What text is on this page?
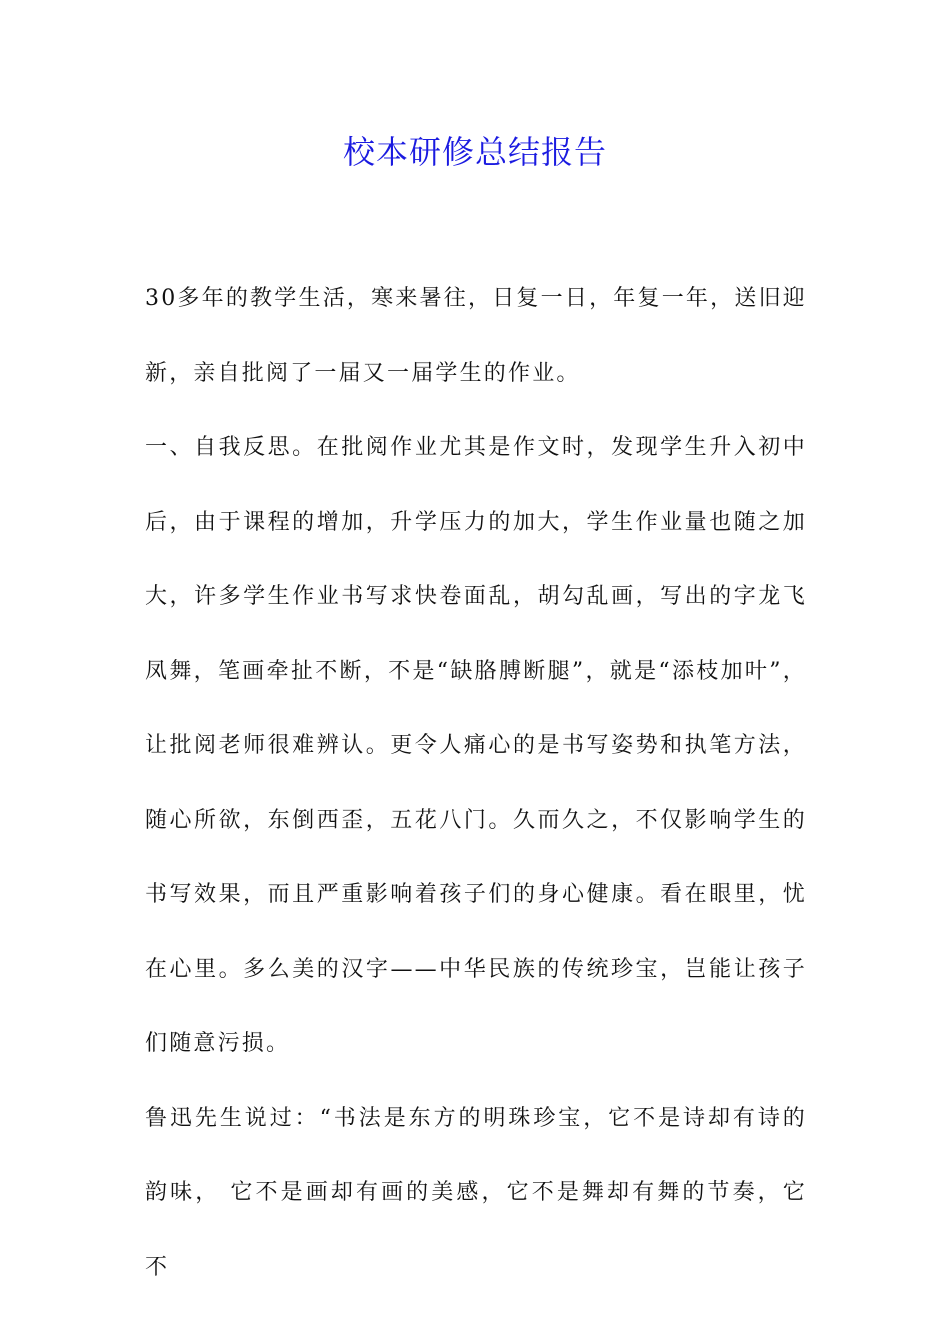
校本研修总结报告

30多年的教学生活，寒来暑往，日复一日，年复一年，送旧迎新，亲自批阅了一届又一届学生的作业。

一、自我反思。在批阅作业尤其是作文时，发现学生升入初中后，由于课程的增加，升学压力的加大，学生作业量也随之加大，许多学生作业书写求快卷面乱，胡勾乱画，写出的字龙飞凤舞，笔画牵扯不断，不是“缺胳膊断腿”，就是“添枝加叶”，让批阅老师很难辨认。更令人痛心的是书写姿势和执笔方法，随心所欲，东倒西歪，五花八门。久而久之，不仅影响学生的书写效果，而且严重影响着孩子们的身心健康。看在眼里，忧在心里。多么美的汉字——中华民族的传统珍宝，岂能让孩子们随意污损。

鲁迅先生说过：“书法是东方的明珠珍宝，它不是诗却有诗的韵味， 它不是画却有画的美感，它不是舞却有舞的节奏，它不
